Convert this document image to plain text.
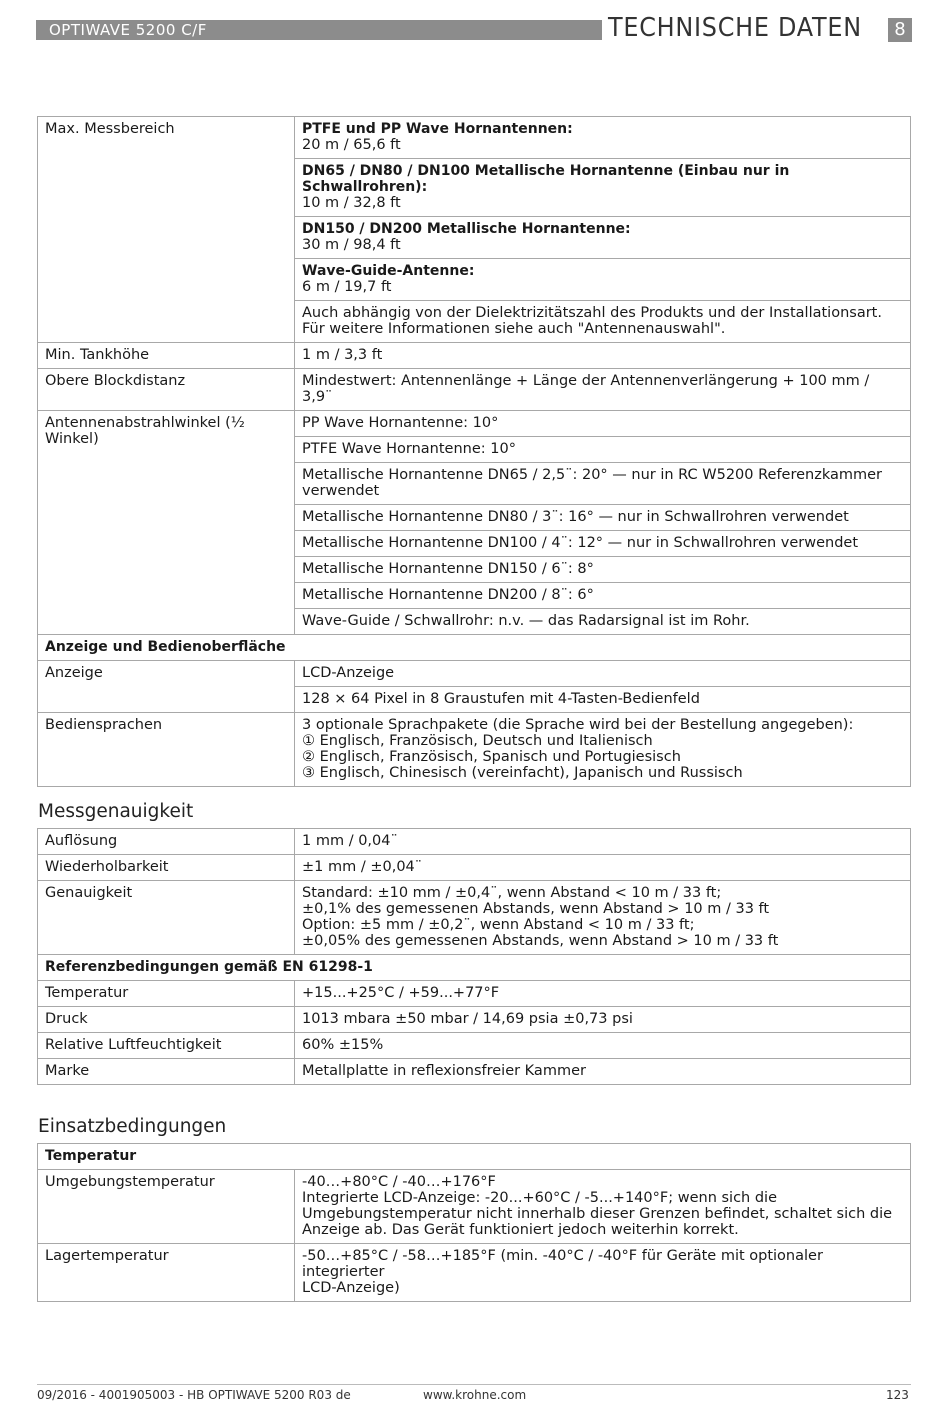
OPTIWAVE 5200 C/F	TECHNISCHE DATEN	8
Max. Messbereich	PTFE und PP Wave Hornantennen:
20 m / 65,6 ft

	DN65 / DN80 / DN100 Metallische Hornantenne (Einbau nur in Schwallrohren):
10 m / 32,8 ft

	DN150 / DN200 Metallische Hornantenne:
30 m / 98,4 ft

	Wave-Guide-Antenne:
6 m / 19,7 ft

	Auch abhängig von der Dielektrizitätszahl des Produkts und der Installationsart.
Für weitere Informationen siehe auch "Antennenauswahl".

Min. Tankhöhe	1 m / 3,3 ft
Obere Blockdistanz	Mindestwert: Antennenlänge + Länge der Antennenverlängerung + 100 mm / 3,9¨

Antennenabstrahlwinkel (½
Winkel)	PP Wave Hornantenne: 10°
	PTFE Wave Hornantenne: 10°
	Metallische Hornantenne DN65 / 2,5¨: 20° — nur in RC W5200 Referenzkammer verwendet
	Metallische Hornantenne DN80 / 3¨: 16° — nur in Schwallrohren verwendet
	Metallische Hornantenne DN100 / 4¨: 12° — nur in Schwallrohren verwendet
	Metallische Hornantenne DN150 / 6¨: 8°
	Metallische Hornantenne DN200 / 8¨: 6°
	Wave-Guide / Schwallrohr: n.v. — das Radarsignal ist im Rohr.
Anzeige und Bedienoberfläche	
Anzeige	LCD-Anzeige
	128 × 64 Pixel in 8 Graustufen mit 4-Tasten-Bedienfeld
Bediensprachen	3 optionale Sprachpakete (die Sprache wird bei der Bestellung angegeben):
① Englisch, Französisch, Deutsch und Italienisch
② Englisch, Französisch, Spanisch und Portugiesisch
③ Englisch, Chinesisch (vereinfacht), Japanisch und Russisch
Messgenauigkeit
Auflösung	1 mm / 0,04¨
Wiederholbarkeit	±1 mm / ±0,04¨
Genauigkeit	Standard: ±10 mm / ±0,4¨, wenn Abstand < 10 m / 33 ft;
±0,1% des gemessenen Abstands, wenn Abstand > 10 m / 33 ft
Option: ±5 mm / ±0,2¨, wenn Abstand < 10 m / 33 ft;
±0,05% des gemessenen Abstands, wenn Abstand > 10 m / 33 ft

Referenzbedingungen gemäß EN 61298-1	
Temperatur	+15...+25°C / +59...+77°F
Druck	1013 mbara ±50 mbar / 14,69 psia ±0,73 psi
Relative Luftfeuchtigkeit	60% ±15%
Marke	Metallplatte in reflexionsfreier Kammer
Einsatzbedingungen
Temperatur	
Umgebungstemperatur	-40…+80°C / -40…+176°F
Integrierte LCD-Anzeige: -20...+60°C / -5...+140°F; wenn sich die
Umgebungstemperatur nicht innerhalb dieser Grenzen befindet, schaltet sich die
Anzeige ab. Das Gerät funktioniert jedoch weiterhin korrekt.

Lagertemperatur	-50…+85°C / -58…+185°F (min. -40°C / -40°F für Geräte mit optionaler integrierter
LCD-Anzeige)
09/2016 - 4001905003 - HB OPTIWAVE 5200 R03 de	www.krohne.com	123
